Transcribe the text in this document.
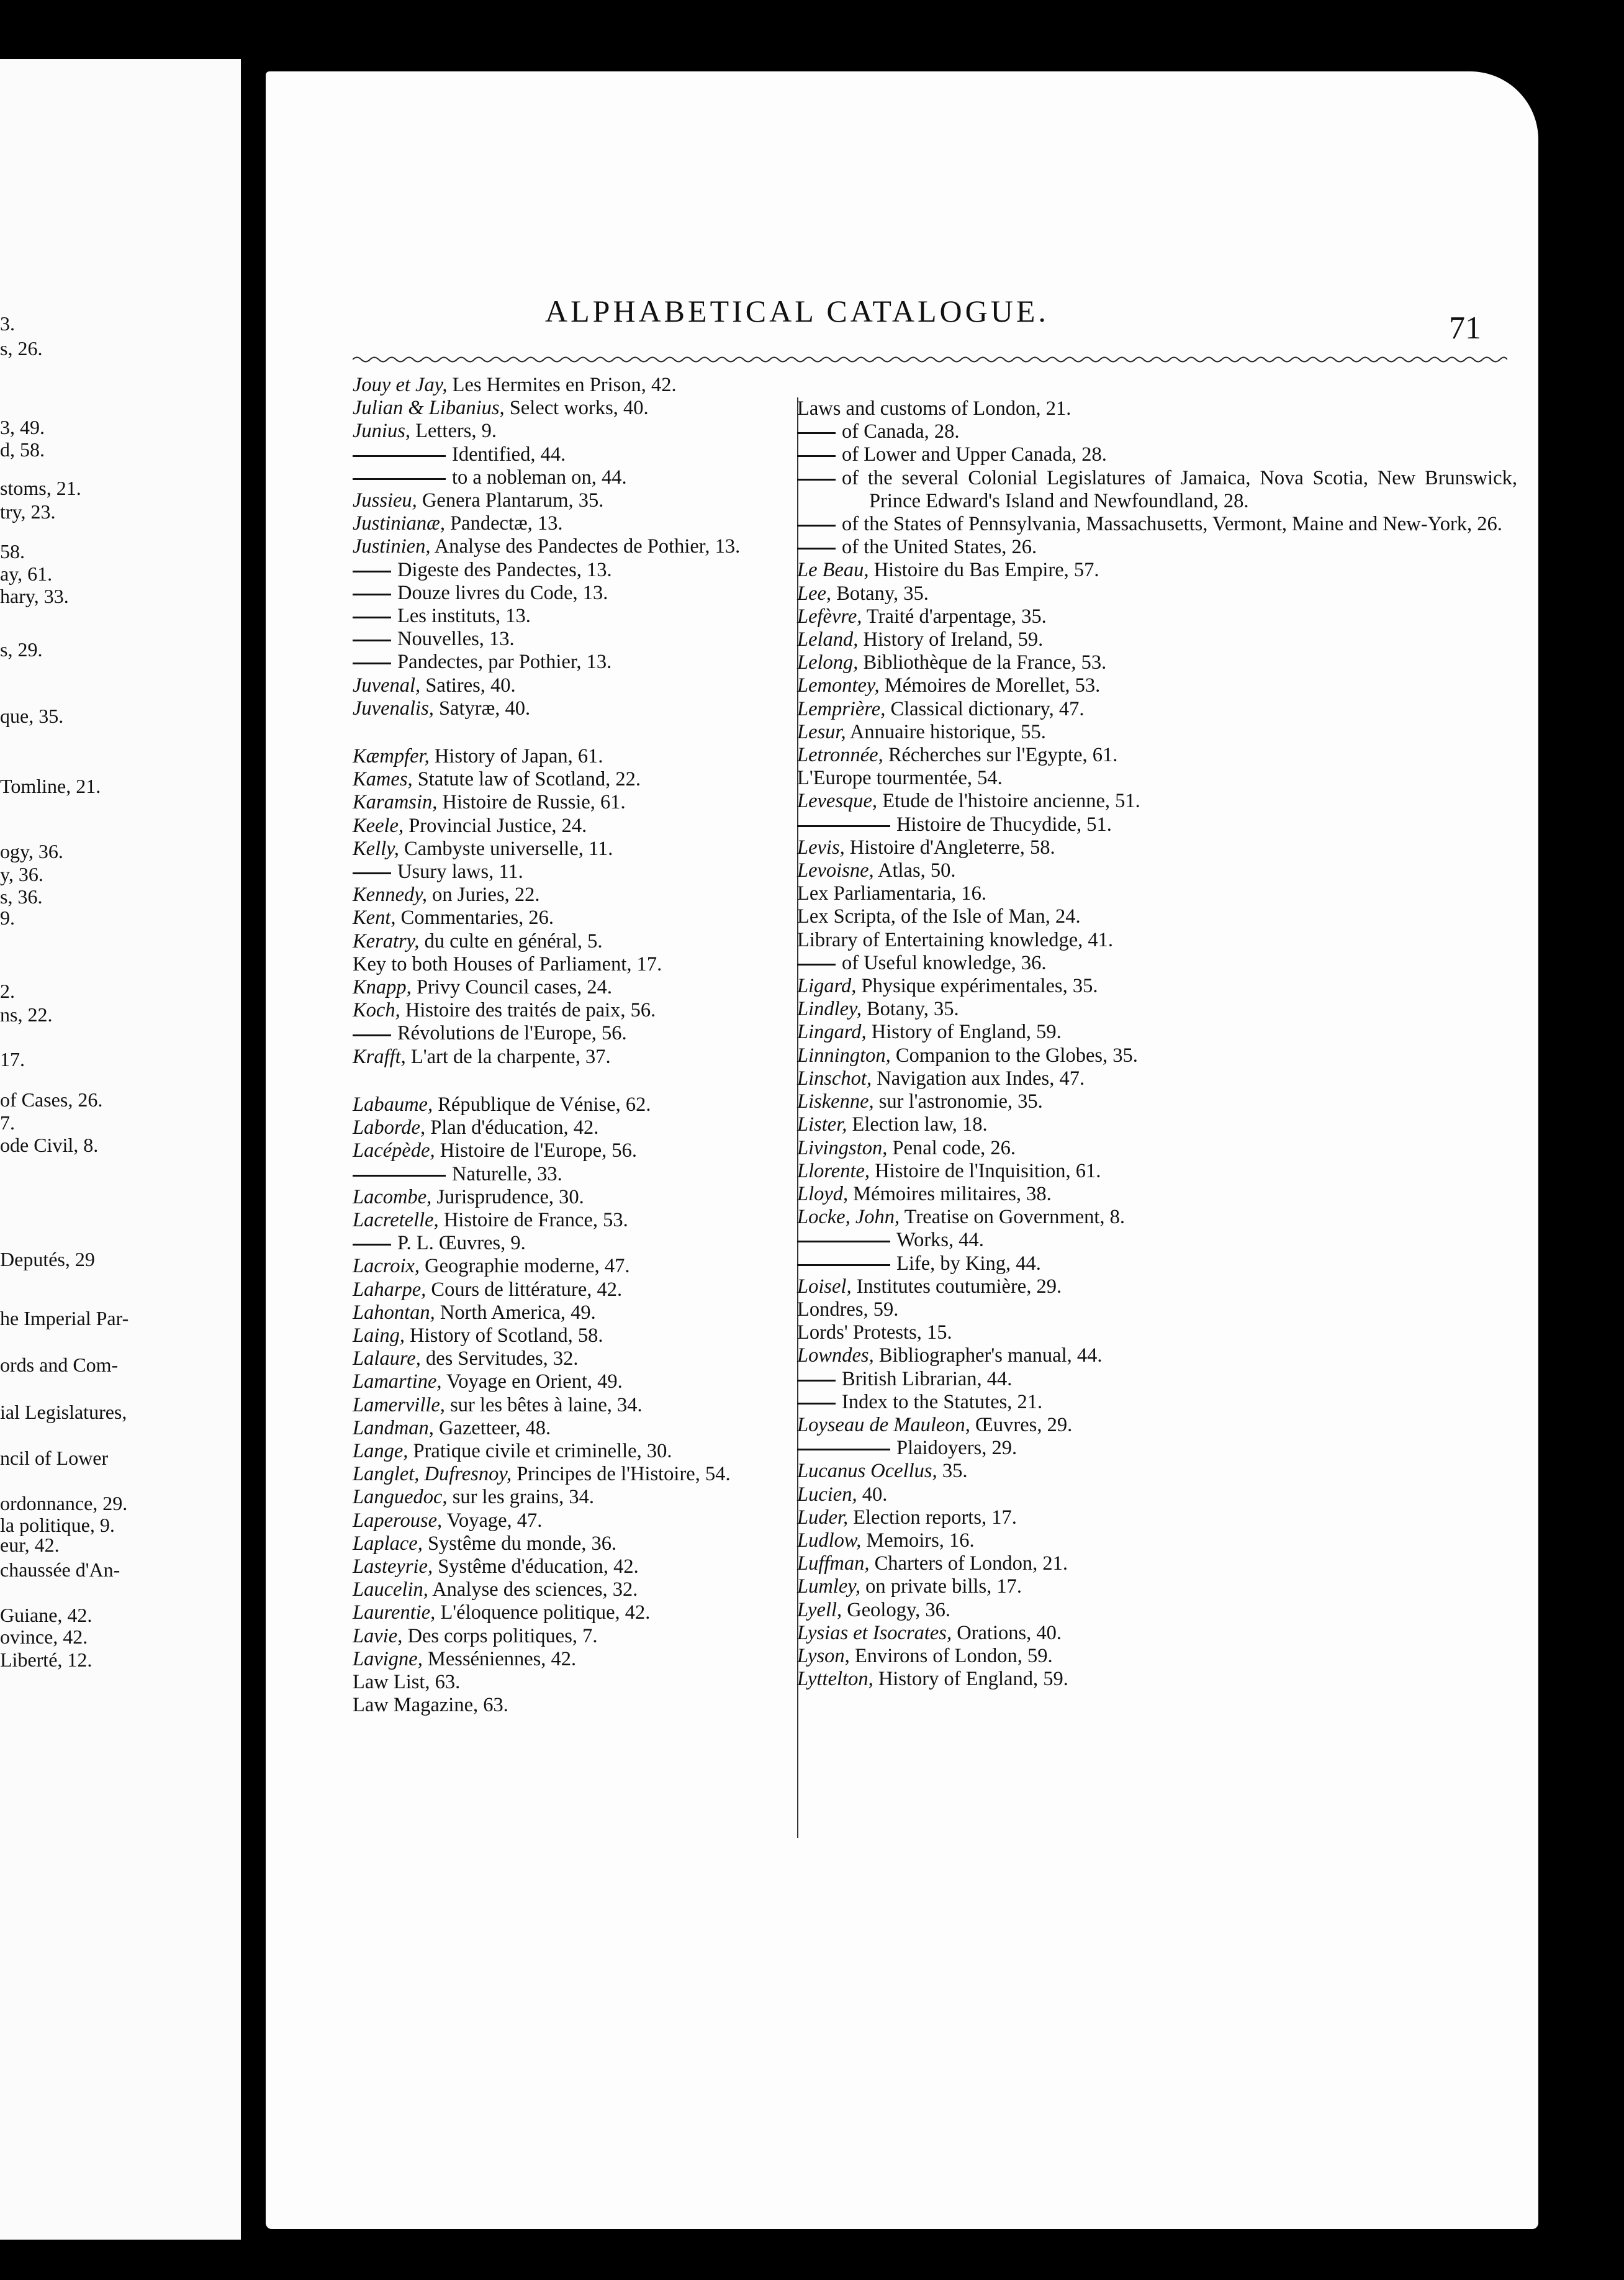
3.
s, 26.
3, 49.
d, 58.
stoms, 21.
try, 23.
58.
ay, 61.
hary, 33.
s, 29.
que, 35.
Tomline, 21.
ogy, 36.
y, 36.
s, 36.
9.
2.
ns, 22.
17.
of Cases, 26.
7.
ode Civil, 8.
Deputés, 29
he Imperial Par-
ords and Com-
ial Legislatures,
ncil of Lower
ordonnance, 29.
la politique, 9.
eur, 42.
chaussée d'An-
Guiane, 42.
ovince, 42.
Liberté, 12.
ALPHABETICAL CATALOGUE.	71
Jouy et Jay, Les Hermites en Prison, 42.
Julian & Libanius, Select works, 40.
Junius, Letters, 9.
Identified, 44.
to a nobleman on, 44.
Jussieu, Genera Plantarum, 35.
Justinianæ, Pandectæ, 13.
Justinien, Analyse des Pandectes de Pothier, 13.
Digeste des Pandectes, 13.
Douze livres du Code, 13.
Les instituts, 13.
Nouvelles, 13.
Pandectes, par Pothier, 13.
Juvenal, Satires, 40.
Juvenalis, Satyræ, 40.
Kæmpfer, History of Japan, 61.
Kames, Statute law of Scotland, 22.
Karamsin, Histoire de Russie, 61.
Keele, Provincial Justice, 24.
Kelly, Cambyste universelle, 11.
Usury laws, 11.
Kennedy, on Juries, 22.
Kent, Commentaries, 26.
Keratry, du culte en général, 5.
Key to both Houses of Parliament, 17.
Knapp, Privy Council cases, 24.
Koch, Histoire des traités de paix, 56.
Révolutions de l'Europe, 56.
Krafft, L'art de la charpente, 37.
Labaume, République de Vénise, 62.
Laborde, Plan d'éducation, 42.
Lacépède, Histoire de l'Europe, 56.
Naturelle, 33.
Lacombe, Jurisprudence, 30.
Lacretelle, Histoire de France, 53.
P. L. Œuvres, 9.
Lacroix, Geographie moderne, 47.
Laharpe, Cours de littérature, 42.
Lahontan, North America, 49.
Laing, History of Scotland, 58.
Lalaure, des Servitudes, 32.
Lamartine, Voyage en Orient, 49.
Lamerville, sur les bêtes à laine, 34.
Landman, Gazetteer, 48.
Lange, Pratique civile et criminelle, 30.
Langlet, Dufresnoy, Principes de l'Histoire, 54.
Languedoc, sur les grains, 34.
Laperouse, Voyage, 47.
Laplace, Systême du monde, 36.
Lasteyrie, Systême d'éducation, 42.
Laucelin, Analyse des sciences, 32.
Laurentie, L'éloquence politique, 42.
Lavie, Des corps politiques, 7.
Lavigne, Messéniennes, 42.
Law List, 63.
Law Magazine, 63.
Laws and customs of London, 21.
of Canada, 28.
of Lower and Upper Canada, 28.
of the several Colonial Legislatures of Jamaica, Nova Scotia, New Brunswick, Prince Edward's Island and Newfoundland, 28.
of the States of Pennsylvania, Massachusetts, Vermont, Maine and New-York, 26.
of the United States, 26.
Le Beau, Histoire du Bas Empire, 57.
Lee, Botany, 35.
Lefèvre, Traité d'arpentage, 35.
Leland, History of Ireland, 59.
Lelong, Bibliothèque de la France, 53.
Lemontey, Mémoires de Morellet, 53.
Lemprière, Classical dictionary, 47.
Lesur, Annuaire historique, 55.
Letronnée, Récherches sur l'Egypte, 61.
L'Europe tourmentée, 54.
Levesque, Etude de l'histoire ancienne, 51.
Histoire de Thucydide, 51.
Levis, Histoire d'Angleterre, 58.
Levoisne, Atlas, 50.
Lex Parliamentaria, 16.
Lex Scripta, of the Isle of Man, 24.
Library of Entertaining knowledge, 41.
of Useful knowledge, 36.
Ligard, Physique expérimentales, 35.
Lindley, Botany, 35.
Lingard, History of England, 59.
Linnington, Companion to the Globes, 35.
Linschot, Navigation aux Indes, 47.
Liskenne, sur l'astronomie, 35.
Lister, Election law, 18.
Livingston, Penal code, 26.
Llorente, Histoire de l'Inquisition, 61.
Lloyd, Mémoires militaires, 38.
Locke, John, Treatise on Government, 8.
Works, 44.
Life, by King, 44.
Loisel, Institutes coutumière, 29.
Londres, 59.
Lords' Protests, 15.
Lowndes, Bibliographer's manual, 44.
British Librarian, 44.
Index to the Statutes, 21.
Loyseau de Mauleon, Œuvres, 29.
Plaidoyers, 29.
Lucanus Ocellus, 35.
Lucien, 40.
Luder, Election reports, 17.
Ludlow, Memoirs, 16.
Luffman, Charters of London, 21.
Lumley, on private bills, 17.
Lyell, Geology, 36.
Lysias et Isocrates, Orations, 40.
Lyson, Environs of London, 59.
Lyttelton, History of England, 59.
